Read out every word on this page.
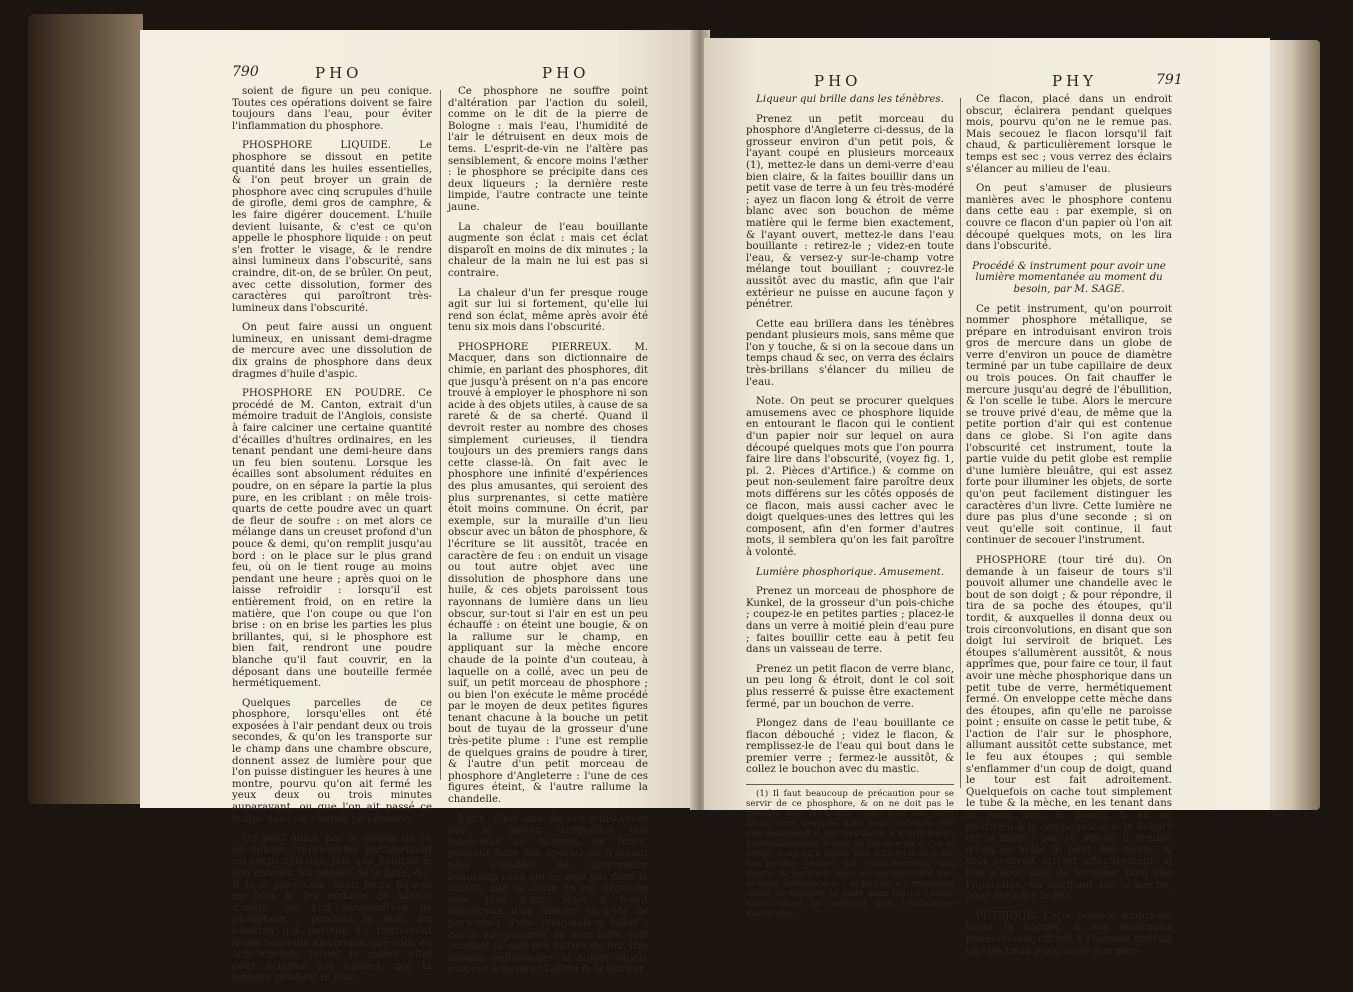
790	PHO	PHO

soient de figure un peu conique. Toutes ces opérations doivent se faire toujours dans l'eau, pour éviter l'inflammation du phosphore.

PHOSPHORE LIQUIDE. Le phosphore se dissout en petite quantité dans les huiles essentielles, & l'on peut broyer un grain de phosphore avec cinq scrupules d'huile de girofle, demi gros de camphre, & les faire digérer doucement. L'huile devient luisante, & c'est ce qu'on appelle le phosphore liquide : on peut s'en frotter le visage, & le rendre ainsi lumineux dans l'obscurité, sans craindre, dit-on, de se brûler. On peut, avec cette dissolution, former des caractères qui paroîtront très-lumineux dans l'obscurité.

On peut faire aussi un onguent lumineux, en unissant demi-dragme de mercure avec une dissolution de dix grains de phosphore dans deux dragmes d'huile d'aspic.

PHOSPHORE EN POUDRE. Ce procédé de M. Canton, extrait d'un mémoire traduit de l'Anglois, consiste à faire calciner une certaine quantité d'écailles d'huîtres ordinaires, en les tenant pendant une demi-heure dans un feu bien soutenu. Lorsque les écailles sont absolument réduites en poudre, on en sépare la partie la plus pure, en les criblant : on mêle trois-quarts de cette poudre avec un quart de fleur de soufre : on met alors ce mélange dans un creuset profond d'un pouce & demi, qu'on remplit jusqu'au bord : on le place sur le plus grand feu, où on le tient rouge au moins pendant une heure ; après quoi on le laisse refroidir : lorsqu'il est entièrement froid, on en retire la matière, que l'on coupe ou que l'on brise : on en brise les parties les plus brillantes, qui, si le phosphore est bien fait, rendront une poudre blanche qu'il faut couvrir, en la déposant dans une bouteille fermée hermétiquement.

Quelques parcelles de ce phosphore, lorsqu'elles ont été exposées à l'air pendant deux ou trois secondes, & qu'on les transporte sur le champ dans une chambre obscure, donnent assez de lumière pour que l'on puisse distinguer les heures à une montre, pourvu qu'on ait fermé les yeux deux ou trois minutes auparavant, ou que l'on ait passé ce temps dans un endroit peu éclairé.

On peut aussi, par le moyen de ce phosphore, représenter parfaitement les corps célestes, tels que Saturne & son anneau, les phases de la lune, &c. Il faut, pour cela, avoir leurs figures en bois & les enduire de blancs d'œufs, que l'on saupoudrera de phosphore : pendant la nuit, les bluettes qui partent du frottement d'une bouteille électrique que vous en approcherez, feront le même effet pour éclairer vos figures, que la lumière pendant le jour.

Ce phosphore ne souffre point d'altération par l'action du soleil, comme on le dit de la pierre de Bologne : mais l'eau, l'humidité de l'air le détruisent en deux mois de tems. L'esprit-de-vin ne l'altère pas sensiblement, & encore moins l'æther : le phosphore se précipite dans ces deux liqueurs ; la dernière reste limpide, l'autre contracte une teinte jaune.

La chaleur de l'eau bouillante augmente son éclat : mais cet éclat disparoît en moins de dix minutes ; la chaleur de la main ne lui est pas si contraire.

La chaleur d'un fer presque rouge agit sur lui si fortement, qu'elle lui rend son éclat, même après avoir été tenu six mois dans l'obscurité.

PHOSPHORE PIERREUX. M. Macquer, dans son dictionnaire de chimie, en parlant des phosphores, dit que jusqu'à présent on n'a pas encore trouvé à employer le phosphore ni son acide à des objets utiles, à cause de sa rareté & de sa cherté. Quand il devroit rester au nombre des choses simplement curieuses, il tiendra toujours un des premiers rangs dans cette classe-là. On fait avec le phosphore une infinité d'expériences des plus amusantes, qui seroient des plus surprenantes, si cette matière étoit moins commune. On écrit, par exemple, sur la muraille d'un lieu obscur avec un bâton de phosphore, & l'écriture se lit aussitôt, tracée en caractère de feu : on enduit un visage ou tout autre objet avec une dissolution de phosphore dans une huile, & ces objets paroissent tous rayonnans de lumière dans un lieu obscur, sur-tout si l'air en est un peu échauffé : on éteint une bougie, & on la rallume sur le champ, en appliquant sur la mèche encore chaude de la pointe d'un couteau, à laquelle on a collé, avec un peu de suif, un petit morceau de phosphore ; ou bien l'on exécute le même procédé par le moyen de deux petites figures tenant chacune à la bouche un petit bout de tuyau de la grosseur d'une très-petite plume : l'une est remplie de quelques grains de poudre à tirer, & l'autre d'un petit morceau de phosphore d'Angleterre : l'une de ces figures éteint, & l'autre rallume la chandelle.

Enfin, c'est une de ces substances par le moyen desquelles des magiciens ou faiseurs de tours, pouvant faire des opérations d'autant plus capables de surprendre beaucoup ceux qui ne sont pas dans le secret, que la cause en est déguisée avec plus d'art. Mais il feroit dangereux d'en abuser vis-à-vis de personnes d'une imagination foible : car il est possible de leur faire voir pendant la nuit des lettres de feu, des images enflammées & autres objets propres à inspirer l'effroi & la terreur.

PHO	PHY	791

Liqueur qui brille dans les ténèbres.

Prenez un petit morceau du phosphore d'Angleterre ci-dessus, de la grosseur environ d'un petit pois, & l'ayant coupé en plusieurs morceaux (1), mettez-le dans un demi-verre d'eau bien claire, & la faites bouillir dans un petit vase de terre à un feu très-modéré ; ayez un flacon long & étroit de verre blanc avec son bouchon de même matière qui le ferme bien exactement, & l'ayant ouvert, mettez-le dans l'eau bouillante : retirez-le ; videz-en toute l'eau, & versez-y sur-le-champ votre mélange tout bouillant ; couvrez-le aussitôt avec du mastic, afin que l'air extérieur ne puisse en aucune façon y pénétrer.

Cette eau brillera dans les ténèbres pendant plusieurs mois, sans même que l'on y touche, & si on la secoue dans un temps chaud & sec, on verra des éclairs très-brillans s'élancer du milieu de l'eau.

Note. On peut se procurer quelques amusemens avec ce phosphore liquide en entourant le flacon qui le contient d'un papier noir sur lequel on aura découpé quelques mots que l'on pourra faire lire dans l'obscurité, (voyez fig. 1, pl. 2. Pièces d'Artifice.) & comme on peut non-seulement faire paroître deux mots différens sur les côtés opposés de ce flacon, mais aussi cacher avec le doigt quelques-unes des lettres qui les composent, afin d'en former d'autres mots, il semblera qu'on les fait paroître à volonté.

Lumière phosphorique. Amusement.

Prenez un morceau de phosphore de Kunkel, de la grosseur d'un pois-chiche ; coupez-le en petites parties ; placez-le dans un verre à moitié plein d'eau pure ; faites bouillir cette eau à petit feu dans un vaisseau de terre.

Prenez un petit flacon de verre blanc, un peu long & étroit, dont le col soit plus resserré & puisse être exactement fermé, par un bouchon de verre.

Plongez dans de l'eau bouillante ce flacon débouché ; videz le flacon, & remplissez-le de l'eau qui bout dans le premier verre ; fermez-le aussitôt, & collez le bouchon avec du mastic.

(1) Il faut beaucoup de précaution pour se servir de ce phosphore, & on ne doit pas le prendre avec les doigts ; mais avec une carte qu'on aura trempée dans l'eau, attendu que non-seulement il est très-facile à s'enflammer, particulièrement lorsqu'on l'écrase ou qu'on le frotte, mais qu'il seroit fort difficile d'éteindre les petites parties qui s'attacheroient aux doigts, & auxquels elles occasionneroient une brûlure considérable : le moyen d'y remédier, seroit de tremper sa main dans l'urine ; toute autre chose ne serviroit qu'à l'enflammer davantage.

Ce flacon, placé dans un endroit obscur, éclairera pendant quelques mois, pourvu qu'on ne le remue pas. Mais secouez le flacon lorsqu'il fait chaud, & particulièrement lorsque le temps est sec ; vous verrez des éclairs s'élancer au milieu de l'eau.

On peut s'amuser de plusieurs manières avec le phosphore contenu dans cette eau : par exemple, si on couvre ce flacon d'un papier où l'on ait découpé quelques mots, on les lira dans l'obscurité.

Procédé & instrument pour avoir une lumière momentanée au moment du besoin, par M. SAGE.

Ce petit instrument, qu'on pourroit nommer phosphore métallique, se prépare en introduisant environ trois gros de mercure dans un globe de verre d'environ un pouce de diamètre terminé par un tube capillaire de deux ou trois pouces. On fait chauffer le mercure jusqu'au degré de l'ébullition, & l'on scelle le tube. Alors le mercure se trouve privé d'eau, de même que la petite portion d'air qui est contenue dans ce globe. Si l'on agite dans l'obscurité cet instrument, toute la partie vuide du petit globe est remplie d'une lumière bleuâtre, qui est assez forte pour illuminer les objets, de sorte qu'on peut facilement distinguer les caractères d'un livre. Cette lumière ne dure pas plus d'une seconde ; si on veut qu'elle soit continue, il faut continuer de secouer l'instrument.

PHOSPHORE (tour tiré du). On demande à un faiseur de tours s'il pouvoit allumer une chandelle avec le bout de son doigt ; & pour répondre, il tira de sa poche des étoupes, qu'il tordit, & auxquelles il donna deux ou trois circonvolutions, en disant que son doigt lui serviroit de briquet. Les étoupes s'allumèrent aussitôt, & nous apprîmes que, pour faire ce tour, il faut avoir une mèche phosphorique dans un petit tube de verre, hermétiquement fermé. On enveloppe cette mèche dans des étoupes, afin qu'elle ne paroisse point ; ensuite on casse le petit tube, & l'action de l'air sur le phosphore, allumant aussitôt cette substance, met le feu aux étoupes ; qui semble s'enflammer d'un coup de doigt, quand le tour est fait adroitement. Quelquefois on cache tout simplement le tube & la mèche, en les tenant dans sa main avec le pouce, & en ne montrant à la compagnie que le dehors de la main : par ce moyen il semble qu'on se brûle le bout des doigts, & cela pourroit arriver effectivement, si l'on n'avoit soin de terminer bien vîte l'opération, en soufflant sur la mèche, pour éteindre le feu.

PHYSIQUE. Cette science embrasse toute la nature, & ses nombreux phénomènes, offrent à l'homme instruit un spectacle aussi varié que mer-
